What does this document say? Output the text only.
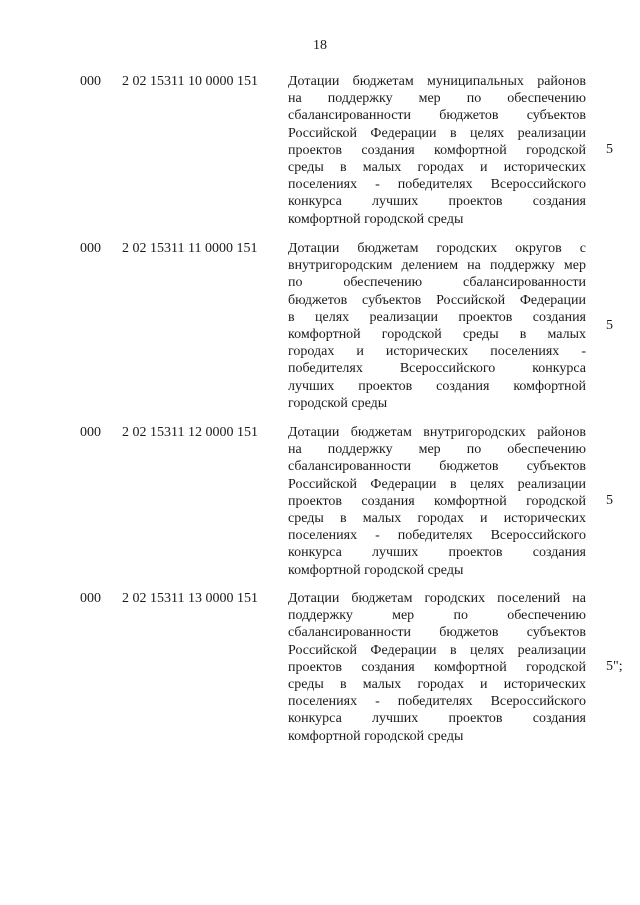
18
000 2 02 15311 10 0000 151 Дотации бюджетам муниципальных районов
на поддержку мер по обеспечению
сбалансированности бюджетов субъектов
Российской Федерации в целях реализации
проектов создания комфортной городской
среды в малых городах и исторических
поселениях - победителях Всероссийского
конкурса лучших проектов создания
комфортной городской среды
5
000 2 02 15311 11 0000 151 Дотации бюджетам городских округов с
внутригородским делением на поддержку мер
по обеспечению сбалансированности
бюджетов субъектов Российской Федерации
в целях реализации проектов создания
комфортной городской среды в малых
городах и исторических поселениях -
победителях Всероссийского конкурса
лучших проектов создания комфортной
городской среды
5
000 2 02 15311 12 0000 151 Дотации бюджетам внутригородских районов
на поддержку мер по обеспечению
сбалансированности бюджетов субъектов
Российской Федерации в целях реализации
проектов создания комфортной городской
среды в малых городах и исторических
поселениях - победителях Всероссийского
конкурса лучших проектов создания
комфортной городской среды
5
000 2 02 15311 13 0000 151 Дотации бюджетам городских поселений на
поддержку мер по обеспечению
сбалансированности бюджетов субъектов
Российской Федерации в целях реализации
проектов создания комфортной городской
среды в малых городах и исторических
поселениях - победителях Всероссийского
конкурса лучших проектов создания
комфортной городской среды
5";
